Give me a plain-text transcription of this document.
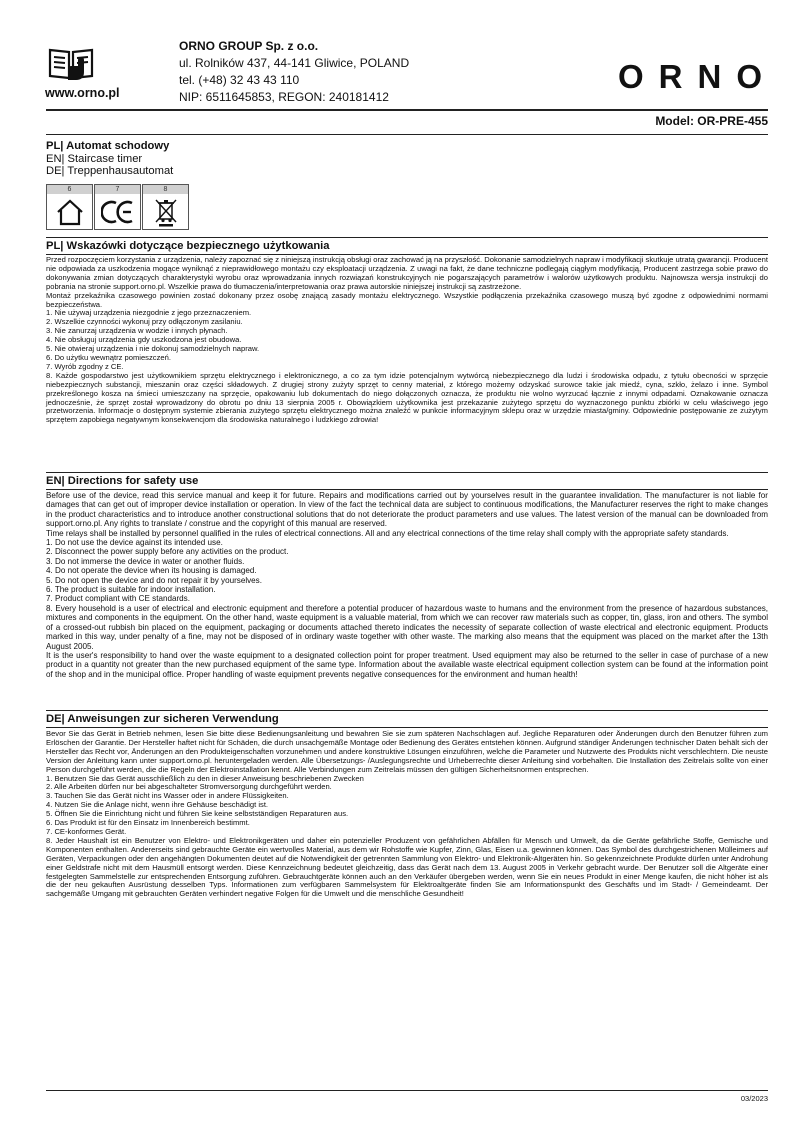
www.orno.pl
ORNO GROUP Sp. z o.o.
ul. Rolników 437, 44-141 Gliwice, POLAND
tel. (+48) 32 43 43 110
NIP: 6511645853, REGON: 240181412
ORNO
Model: OR-PRE-455
PL| Automat schodowy
EN| Staircase timer
DE| Treppenhausautomat
6	7	8
PL| Wskazówki dotyczące bezpiecznego użytkowania

Przed rozpoczęciem korzystania z urządzenia, należy zapoznać się z niniejszą instrukcją obsługi oraz zachować ją na przyszłość. Dokonanie samodzielnych napraw i modyfikacji skutkuje utratą gwarancji. Producent nie odpowiada za uszkodzenia mogące wyniknąć z nieprawidłowego montażu czy eksploatacji urządzenia. Z uwagi na fakt, że dane techniczne podlegają ciągłym modyfikacją, Producent zastrzega sobie prawo do dokonywania zmian dotyczących charakterystyki wyrobu oraz wprowadzania innych rozwiązań konstrukcyjnych nie pogarszających parametrów i walorów użytkowych produktu. Najnowsza wersja instrukcji do pobrania na stronie support.orno.pl. Wszelkie prawa do tłumaczenia/interpretowania oraz prawa autorskie niniejszej instrukcji są zastrzeżone.

Montaż przekaźnika czasowego powinien zostać dokonany przez osobę znającą zasady montażu elektrycznego. Wszystkie podłączenia przekaźnika czasowego muszą być zgodne z odpowiednimi normami bezpieczeństwa.

1. Nie używaj urządzenia niezgodnie z jego przeznaczeniem.

2. Wszelkie czynności wykonuj przy odłączonym zasilaniu.

3. Nie zanurzaj urządzenia w wodzie i innych płynach.

4. Nie obsługuj urządzenia gdy uszkodzona jest obudowa.

5. Nie otwieraj urządzenia i nie dokonuj samodzielnych napraw.

6. Do użytku wewnątrz pomieszczeń.

7. Wyrób zgodny z CE.

8. Każde gospodarstwo jest użytkownikiem sprzętu elektrycznego i elektronicznego, a co za tym idzie potencjalnym wytwórcą niebezpiecznego dla ludzi i środowiska odpadu, z tytułu obecności w sprzęcie niebezpiecznych substancji, mieszanin oraz części składowych. Z drugiej strony zużyty sprzęt to cenny materiał, z którego możemy odzyskać surowce takie jak miedź, cyna, szkło, żelazo i inne. Symbol przekreślonego kosza na śmieci umieszczany na sprzęcie, opakowaniu lub dokumentach do niego dołączonych oznacza, że produktu nie wolno wyrzucać łącznie z innymi odpadami. Oznakowanie oznacza jednocześnie, że sprzęt został wprowadzony do obrotu po dniu 13 sierpnia 2005 r. Obowiązkiem użytkownika jest przekazanie zużytego sprzętu do wyznaczonego punktu zbiórki w celu właściwego jego przetworzenia. Informacje o dostępnym systemie zbierania zużytego sprzętu elektrycznego można znaleźć w punkcie informacyjnym sklepu oraz w urzędzie miasta/gminy. Odpowiednie postępowanie ze zużytym sprzętem zapobiega negatywnym konsekwencjom dla środowiska naturalnego i ludzkiego zdrowia!

EN| Directions for safety use

Before use of the device, read this service manual and keep it for future. Repairs and modifications carried out by yourselves result in the guarantee invalidation. The manufacturer is not liable for damages that can get out of improper device installation or operation. In view of the fact the technical data are subject to continuous modifications, the Manufacturer reserves the right to make changes in the product characteristics and to introduce another constructional solutions that do not deteriorate the product parameters and use values. The latest version of the manual can be downloaded from support.orno.pl. Any rights to translate / construe and the copyright of this manual are reserved.

Time relays shall be installed by personnel qualified in the rules of electrical connections. All and any electrical connections of the time relay shall comply with the appropriate safety standards.

1. Do not use the device against its intended use.

2. Disconnect the power supply before any activities on the product.

3. Do not immerse the device in water or another fluids.

4. Do not operate the device when its housing is damaged.

5. Do not open the device and do not repair it by yourselves.

6. The product is suitable for indoor installation.

7. Product compliant with CE standards.

8. Every household is a user of electrical and electronic equipment and therefore a potential producer of hazardous waste to humans and the environment from the presence of hazardous substances, mixtures and components in the equipment. On the other hand, waste equipment is a valuable material, from which we can recover raw materials such as copper, tin, glass, iron and others. The symbol of a crossed-out rubbish bin placed on the equipment, packaging or documents attached thereto indicates the necessity of separate collection of waste electrical and electronic equipment. Products marked in this way, under penalty of a fine, may not be disposed of in ordinary waste together with other waste. The marking also means that the equipment was placed on the market after the 13th August 2005.

It is the user's responsibility to hand over the waste equipment to a designated collection point for proper treatment. Used equipment may also be returned to the seller in case of purchase of a new product in a quantity not greater than the new purchased equipment of the same type. Information about the available waste electrical equipment collection system can be found at the information point of the shop and in the municipal office. Proper handling of waste equipment prevents negative consequences for the environment and human health!

DE| Anweisungen zur sicheren Verwendung

Bevor Sie das Gerät in Betrieb nehmen, lesen Sie bitte diese Bedienungsanleitung und bewahren Sie sie zum späteren Nachschlagen auf. Jegliche Reparaturen oder Änderungen durch den Benutzer führen zum Erlöschen der Garantie. Der Hersteller haftet nicht für Schäden, die durch unsachgemäße Montage oder Bedienung des Gerätes entstehen können. Aufgrund ständiger Änderungen technischer Daten behält sich der Hersteller das Recht vor, Änderungen an den Produkteigenschaften vorzunehmen und andere konstruktive Lösungen einzuführen, welche die Parameter und Nutzwerte des Produkts nicht verschlechtern. Die neuste Version der Anleitung kann unter support.orno.pl. heruntergeladen werden. Alle Übersetzungs- /Auslegungsrechte und Urheberrechte dieser Anleitung sind vorbehalten. Die Installation des Zeitrelais sollte von einer Person durchgeführt werden, die die Regeln der Elektroinstallation kennt. Alle Verbindungen zum Zeitrelais müssen den gültigen Sicherheitsnormen entsprechen.

1. Benutzen Sie das Gerät ausschließlich zu den in dieser Anweisung beschriebenen Zwecken

2. Alle Arbeiten dürfen nur bei abgeschalteter Stromversorgung durchgeführt werden.

3. Tauchen Sie das Gerät nicht ins Wasser oder in andere Flüssigkeiten.

4. Nutzen Sie die Anlage nicht, wenn ihre Gehäuse beschädigt ist.

5. Öffnen Sie die Einrichtung nicht und führen Sie keine selbstständigen Reparaturen aus.

6. Das Produkt ist für den Einsatz im Innenbereich bestimmt.

7. CE-konformes Gerät.

8. Jeder Haushalt ist ein Benutzer von Elektro- und Elektronikgeräten und daher ein potenzieller Produzent von gefährlichen Abfällen für Mensch und Umwelt, da die Geräte gefährliche Stoffe, Gemische und Komponenten enthalten. Andererseits sind gebrauchte Geräte ein wertvolles Material, aus dem wir Rohstoffe wie Kupfer, Zinn, Glas, Eisen u.a. gewinnen können. Das Symbol des durchgestrichenen Mülleimers auf Geräten, Verpackungen oder den angehängten Dokumenten deutet auf die Notwendigkeit der getrennten Sammlung von Elektro- und Elektronik-Altgeräten hin. So gekennzeichnete Produkte dürfen unter Androhung einer Geldstrafe nicht mit dem Hausmüll entsorgt werden. Diese Kennzeichnung bedeutet gleichzeitig, dass das Gerät nach dem 13. August 2005 in Verkehr gebracht wurde. Der Benutzer soll die Altgeräte einer festgelegten Sammelstelle zur entsprechenden Entsorgung zuführen. Gebrauchtgeräte können auch an den Verkäufer übergeben werden, wenn Sie ein neues Produkt in einer Menge kaufen, die nicht höher ist als die der neu gekauften Ausrüstung desselben Typs. Informationen zum verfügbaren Sammelsystem für Elektroaltgeräte finden Sie am Informationspunkt des Geschäfts und im Stadt- / Gemeindeamt. Der sachgemäße Umgang mit gebrauchten Geräten verhindert negative Folgen für die Umwelt und die menschliche Gesundheit!

03/2023
